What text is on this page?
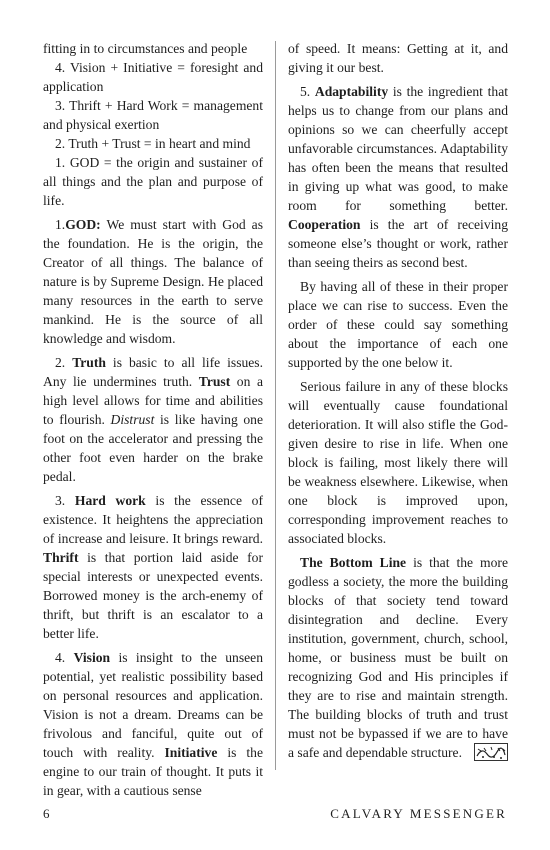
fitting in to circumstances and people

4. Vision + Initiative = foresight and application

3. Thrift + Hard Work = management and physical exertion

2. Truth + Trust = in heart and mind

1. GOD = the origin and sustainer of all things and the plan and purpose of life.

1.GOD: We must start with God as the foundation. He is the origin, the Creator of all things. The balance of nature is by Supreme Design. He placed many resources in the earth to serve mankind. He is the source of all knowledge and wisdom.

2. Truth is basic to all life issues. Any lie undermines truth. Trust on a high level allows for time and abilities to flourish. Distrust is like having one foot on the accelerator and pressing the other foot even harder on the brake pedal.

3. Hard work is the essence of existence. It heightens the appreciation of increase and leisure. It brings reward. Thrift is that portion laid aside for special interests or unexpected events. Borrowed money is the arch-enemy of thrift, but thrift is an escalator to a better life.

4. Vision is insight to the unseen potential, yet realistic possibility based on personal resources and application. Vision is not a dream. Dreams can be frivolous and fanciful, quite out of touch with reality. Initiative is the engine to our train of thought. It puts it in gear, with a cautious sense

of speed. It means: Getting at it, and giving it our best.

5. Adaptability is the ingredient that helps us to change from our plans and opinions so we can cheerfully accept unfavorable circumstances. Adaptability has often been the means that resulted in giving up what was good, to make room for something better. Cooperation is the art of receiving someone else’s thought or work, rather than seeing theirs as second best.

By having all of these in their proper place we can rise to success. Even the order of these could say something about the importance of each one supported by the one below it.

Serious failure in any of these blocks will eventually cause foundational deterioration. It will also stifle the God-given desire to rise in life. When one block is failing, most likely there will be weakness elsewhere. Likewise, when one block is improved upon, corresponding improvement reaches to associated blocks.

The Bottom Line is that the more godless a society, the more the building blocks of that society tend toward disintegration and decline. Every institution, government, church, school, home, or business must be built on recognizing God and His principles if they are to rise and maintain strength. The building blocks of truth and trust must not be bypassed if we are to have a safe and dependable structure.

6	CALVARY MESSENGER
